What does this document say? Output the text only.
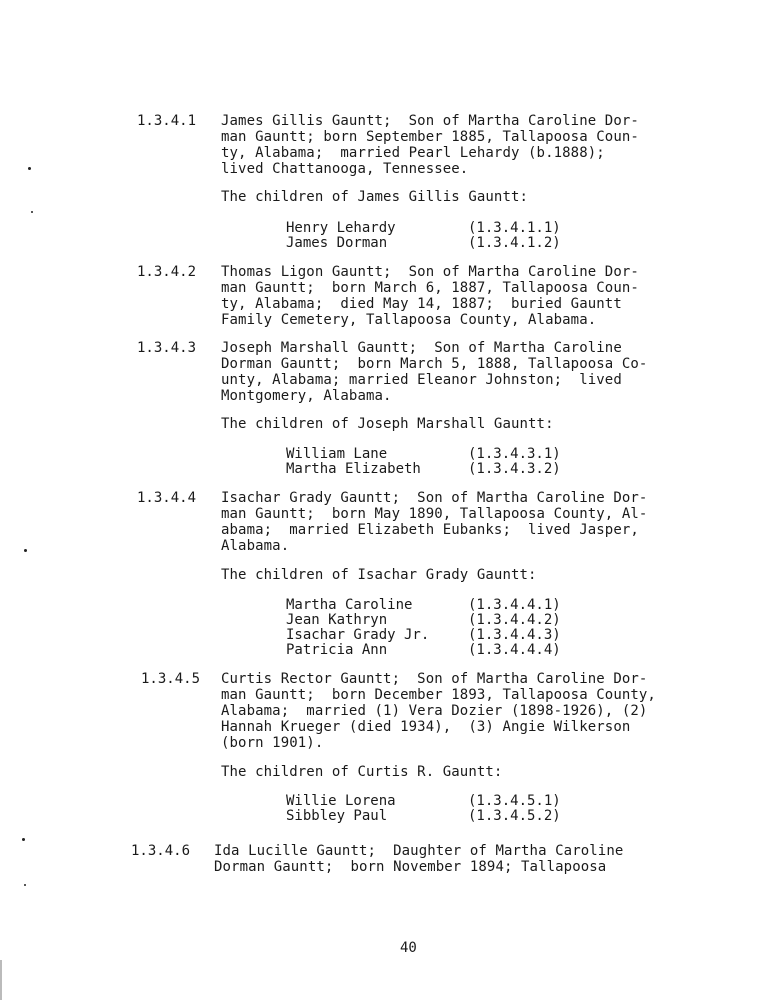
1.3.4.1 James Gillis Gauntt;  Son of Martha Caroline Dor-
man Gauntt; born September 1885, Tallapoosa Coun-
ty, Alabama;  married Pearl Lehardy (b.1888);
lived Chattanooga, Tennessee.
The children of James Gillis Gauntt:
Henry Lehardy	(1.3.4.1.1)
James Dorman	(1.3.4.1.2)
1.3.4.2 Thomas Ligon Gauntt;  Son of Martha Caroline Dor-
man Gauntt;  born March 6, 1887, Tallapoosa Coun-
ty, Alabama;  died May 14, 1887;  buried Gauntt
Family Cemetery, Tallapoosa County, Alabama.
1.3.4.3 Joseph Marshall Gauntt;  Son of Martha Caroline
Dorman Gauntt;  born March 5, 1888, Tallapoosa Co-
unty, Alabama; married Eleanor Johnston;  lived
Montgomery, Alabama.
The children of Joseph Marshall Gauntt:
William Lane	(1.3.4.3.1)
Martha Elizabeth	(1.3.4.3.2)
1.3.4.4 Isachar Grady Gauntt;  Son of Martha Caroline Dor-
man Gauntt;  born May 1890, Tallapoosa County, Al-
abama;  married Elizabeth Eubanks;  lived Jasper,
Alabama.
The children of Isachar Grady Gauntt:
Martha Caroline	(1.3.4.4.1)
Jean Kathryn	(1.3.4.4.2)
Isachar Grady Jr.	(1.3.4.4.3)
Patricia Ann	(1.3.4.4.4)
1.3.4.5 Curtis Rector Gauntt;  Son of Martha Caroline Dor-
man Gauntt;  born December 1893, Tallapoosa County,
Alabama;  married (1) Vera Dozier (1898-1926), (2)
Hannah Krueger (died 1934),  (3) Angie Wilkerson
(born 1901).
The children of Curtis R. Gauntt:
Willie Lorena	(1.3.4.5.1)
Sibbley Paul	(1.3.4.5.2)
1.3.4.6 Ida Lucille Gauntt;  Daughter of Martha Caroline
Dorman Gauntt;  born November 1894; Tallapoosa
40
